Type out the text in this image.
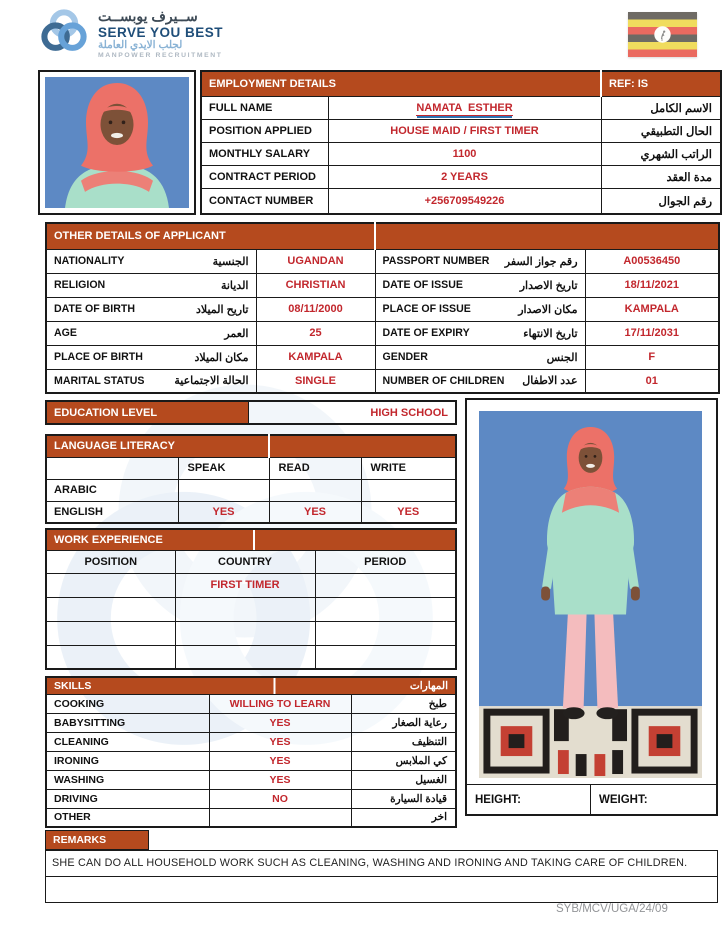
ســيرف يوبســت
SERVE YOU BEST
لجلب الايدي العاملة
MANPOWER RECRUITMENT
EMPLOYMENT DETAILS		REF: IS
FULL NAME	NAMATA  ESTHER	الاسم الكامل
POSITION APPLIED	HOUSE MAID / FIRST TIMER	الحال التطبيقي
MONTHLY SALARY	1100	الراتب الشهري
CONTRACT PERIOD	2 YEARS	مدة العقد
CONTACT NUMBER	+256709549226	رقم الجوال
OTHER DETAILS OF APPLICANT			

NATIONALITY الجنسية	UGANDAN	PASSPORT NUMBER رقم جواز السفر	A00536450

RELIGION الديانة	CHRISTIAN	DATE OF ISSUE تاريخ الاصدار	18/11/2021

DATE OF BIRTH تاريح الميلاد	08/11/2000	PLACE OF ISSUE مكان الاصدار	KAMPALA

AGE العمر	25	DATE OF EXPIRY تاريخ الانتهاء	17/11/2031

PLACE OF BIRTH مكان الميلاد	KAMPALA	GENDER الجنس	F

MARITAL STATUS الحالة الاجتماعية	SINGLE	NUMBER OF CHILDREN عدد الاطفال	01
EDUCATION LEVEL	HIGH SCHOOL
LANGUAGE LITERACY			
	SPEAK	READ	WRITE
ARABIC			
ENGLISH	YES	YES	YES
WORK EXPERIENCE		
POSITION	COUNTRY	PERIOD
	FIRST TIMER	

SKILLS المهارات		

COOKING	WILLING TO LEARN	طبخ
BABYSITTING	YES	رعاية الصغار
CLEANING	YES	التنظيف
IRONING	YES	كي الملابس
WASHING	YES	الغسيل
DRIVING	NO	قيادة السيارة
OTHER		اخر
HEIGHT:	WEIGHT:
REMARKS
SHE CAN DO ALL HOUSEHOLD WORK SUCH AS CLEANING, WASHING AND IRONING AND TAKING CARE OF CHILDREN.
SYB/MCV/UGA/24/09
